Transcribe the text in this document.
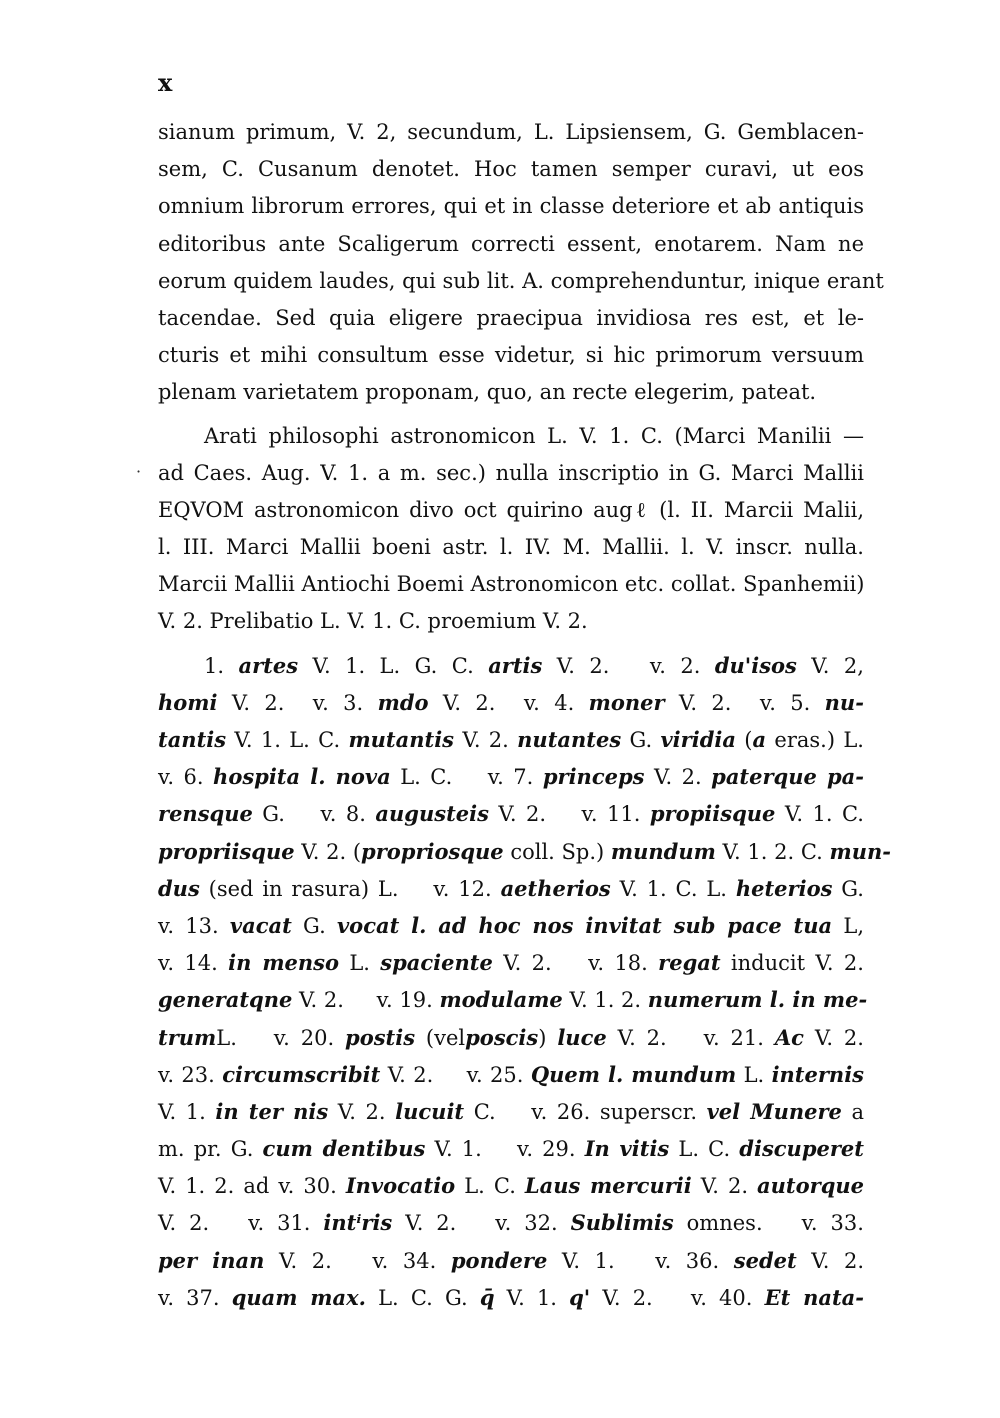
x
·
sianum primum, V. 2, secundum, L. Lipsiensem, G. Gemblacen-
sem, C. Cusanum denotet. Hoc tamen semper curavi, ut eos
omnium librorum errores, qui et in classe deteriore et ab antiquis
editoribus ante Scaligerum correcti essent, enotarem. Nam ne
eorum quidem laudes, qui sub lit. A. comprehenduntur, inique erant
tacendae. Sed quia eligere praecipua invidiosa res est, et le-
cturis et mihi consultum esse videtur, si hic primorum versuum
plenam varietatem proponam, quo, an recte elegerim, pateat.
Arati philosophi astronomicon L. V. 1. C. (Marci Manilii —
ad Caes. Aug. V. 1. a m. sec.) nulla inscriptio in G. Marci Mallii
EQVOM astronomicon divo oct quirino augℓ (l. II. Marcii Malii,
l. III. Marci Mallii boeni astr. l. IV. M. Mallii. l. V. inscr. nulla.
Marcii Mallii Antiochi Boemi Astronomicon etc. collat. Spanhemii)
V. 2. Prelibatio L. V. 1. C. proemium V. 2.
1. artes V. 1. L. G. C. artis V. 2. v. 2. du'isos V. 2,
homi V. 2. v. 3. mdo V. 2. v. 4. moner V. 2. v. 5. nu-
tantis V. 1. L. C. mutantis V. 2. nutantes G. viridia (a eras.) L.
v. 6. hospita l. nova L. C. v. 7. princeps V. 2. paterque pa-
rensque G. v. 8. augusteis V. 2. v. 11. propiisque V. 1. C.
propriisque V. 2. (propriosque coll. Sp.) mundum V. 1. 2. C. mun-
dus (sed in rasura) L. v. 12. aetherios V. 1. C. L. heterios G.
v. 13. vacat G. vocat l. ad hoc nos invitat sub pace tua L,
v. 14. in menso L. spaciente V. 2. v. 18. regat inducit V. 2.
generatqne V. 2. v. 19. modulame V. 1. 2. numerum l. in me-
trumL. v. 20. postis (velposcis) luce V. 2. v. 21. Ac V. 2.
v. 23. circumscribit V. 2. v. 25. Quem l. mundum L. internis
V. 1. in ter nis V. 2. lucuit C. v. 26. superscr. vel Munere a
m. pr. G. cum dentibus V. 1. v. 29. In vitis L. C. discuperet
V. 1. 2. ad v. 30. Invocatio L. C. Laus mercurii V. 2. autorque
V. 2. v. 31. intⁱris V. 2. v. 32. Sublimis omnes. v. 33.
per inan V. 2. v. 34. pondere V. 1. v. 36. sedet V. 2.
v. 37. quam max. L. C. G. q̄ V. 1. q' V. 2. v. 40. Et nata-
